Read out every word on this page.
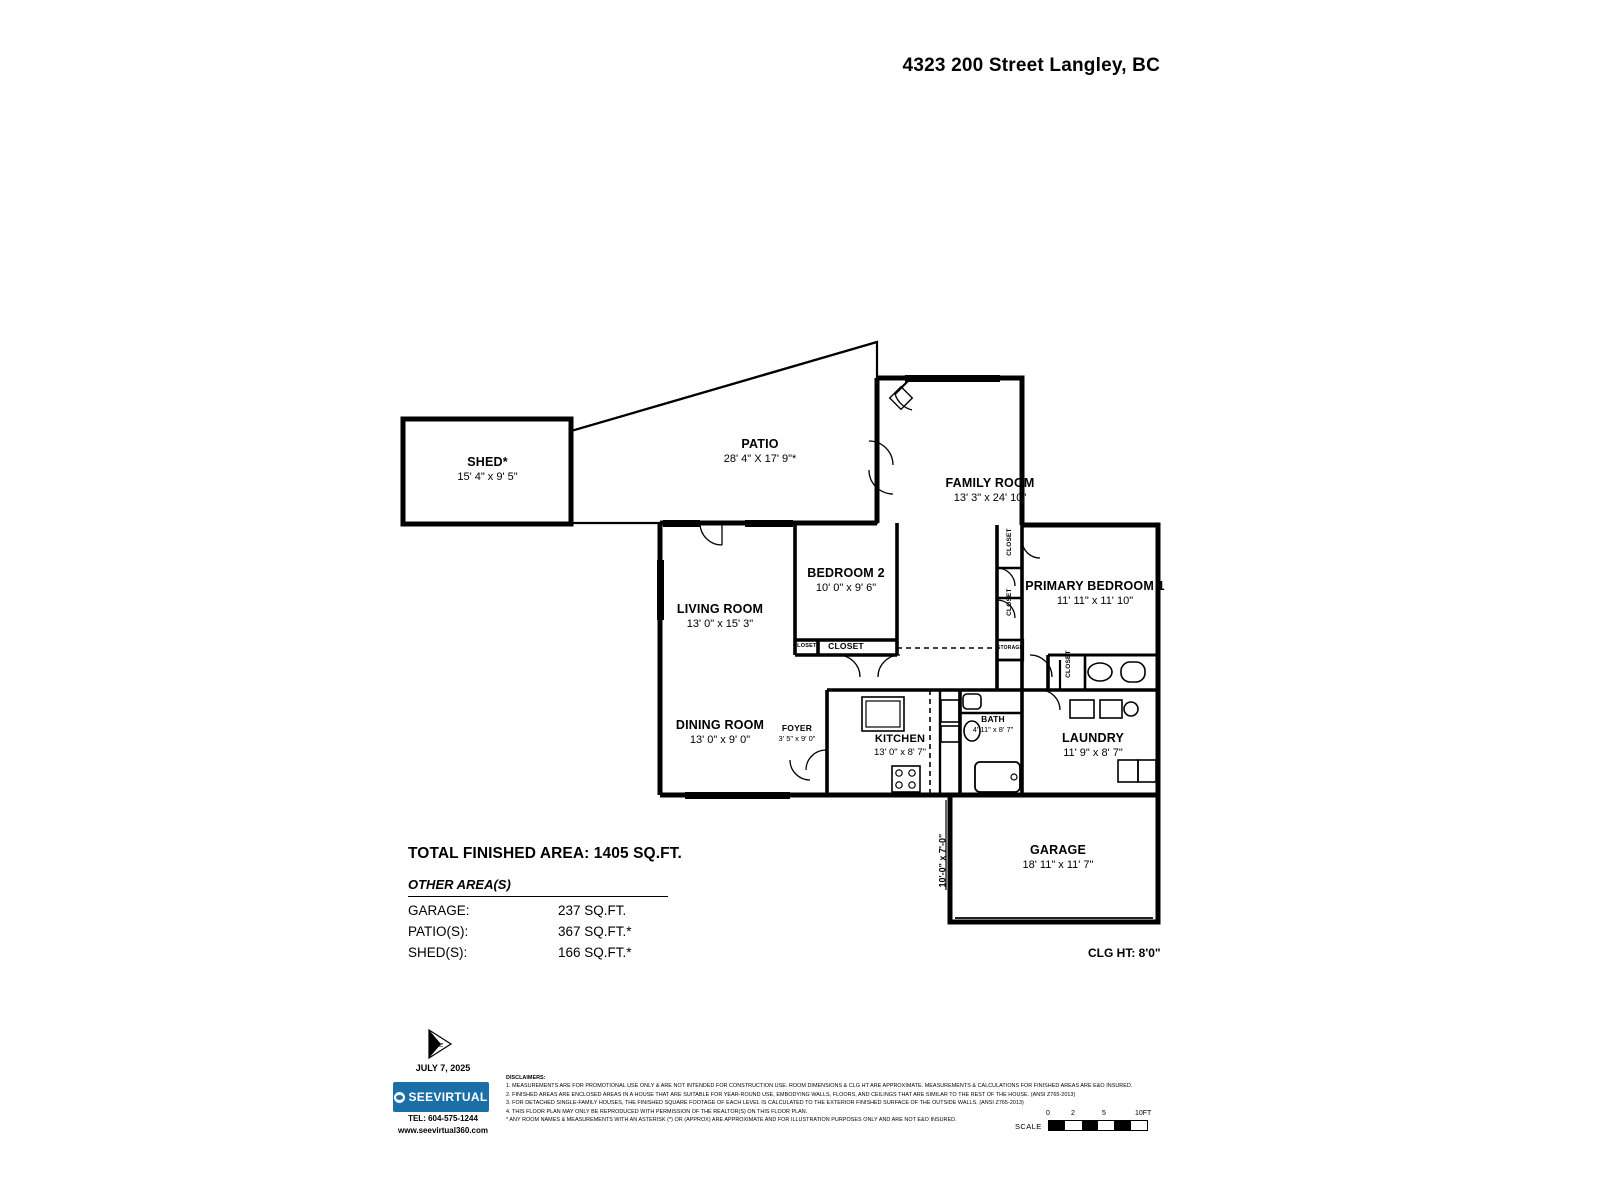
4323 200 Street Langley, BC
SHED*
15' 4" x 9' 5"
PATIO
28' 4" X 17' 9"*
FAMILY ROOM
13' 3" x 24' 10"
BEDROOM 2
10' 0" x 9' 6"	PRIMARY BEDROOM 1
11' 11" x 11' 10"
LIVING ROOM
13' 0" x 15' 3"
DINING ROOM
13' 0" x 9' 0"
FOYER
3' 5" x 9' 0"	KITCHEN
13' 0" x 8' 7"
BATH
4' 11" x 8' 7"
LAUNDRY
11' 9" x 8' 7"
GARAGE
18' 11" x 11' 7"
10'-0" x 7'-0"
CLOSET	CLOSET
CLOSET
CLOSET
CLOSET
STORAGE
TOTAL FINISHED AREA: 1405 SQ.FT.
OTHER AREA(S)
GARAGE:	237 SQ.FT.
PATIO(S):	367 SQ.FT.*
SHED(S):	166 SQ.FT.*	CLG HT: 8'0"
N
JULY 7, 2025
SEEVIRTUAL
TEL: 604-575-1244
www.seevirtual360.com
DISCLAIMERS:
1. MEASUREMENTS ARE FOR PROMOTIONAL USE ONLY & ARE NOT INTENDED FOR CONSTRUCTION USE. ROOM DIMENSIONS & CLG HT ARE APPROXIMATE. MEASUREMENTS & CALCULATIONS FOR FINISHED AREAS ARE E&O INSURED.
2. FINISHED AREAS ARE ENCLOSED AREAS IN A HOUSE THAT ARE SUITABLE FOR YEAR-ROUND USE, EMBODYING WALLS, FLOORS, AND CEILINGS THAT ARE SIMILAR TO THE REST OF THE HOUSE. (ANSI Z765-2013)
3. FOR DETACHED SINGLE-FAMILY HOUSES, THE FINISHED SQUARE FOOTAGE OF EACH LEVEL IS CALCULATED TO THE EXTERIOR FINISHED SURFACE OF THE OUTSIDE WALLS. (ANSI Z765-2013)
4. THIS FLOOR PLAN MAY ONLY BE REPRODUCED WITH PERMISSION OF THE REALTOR(S) ON THIS FLOOR PLAN.
* ANY ROOM NAMES & MEASUREMENTS WITH AN ASTERISK (*) OR (APPROX) ARE APPROXIMATE AND FOR ILLUSTRATION PURPOSES ONLY AND ARE NOT E&O INSURED.
0	2	5	10FT
SCALE
